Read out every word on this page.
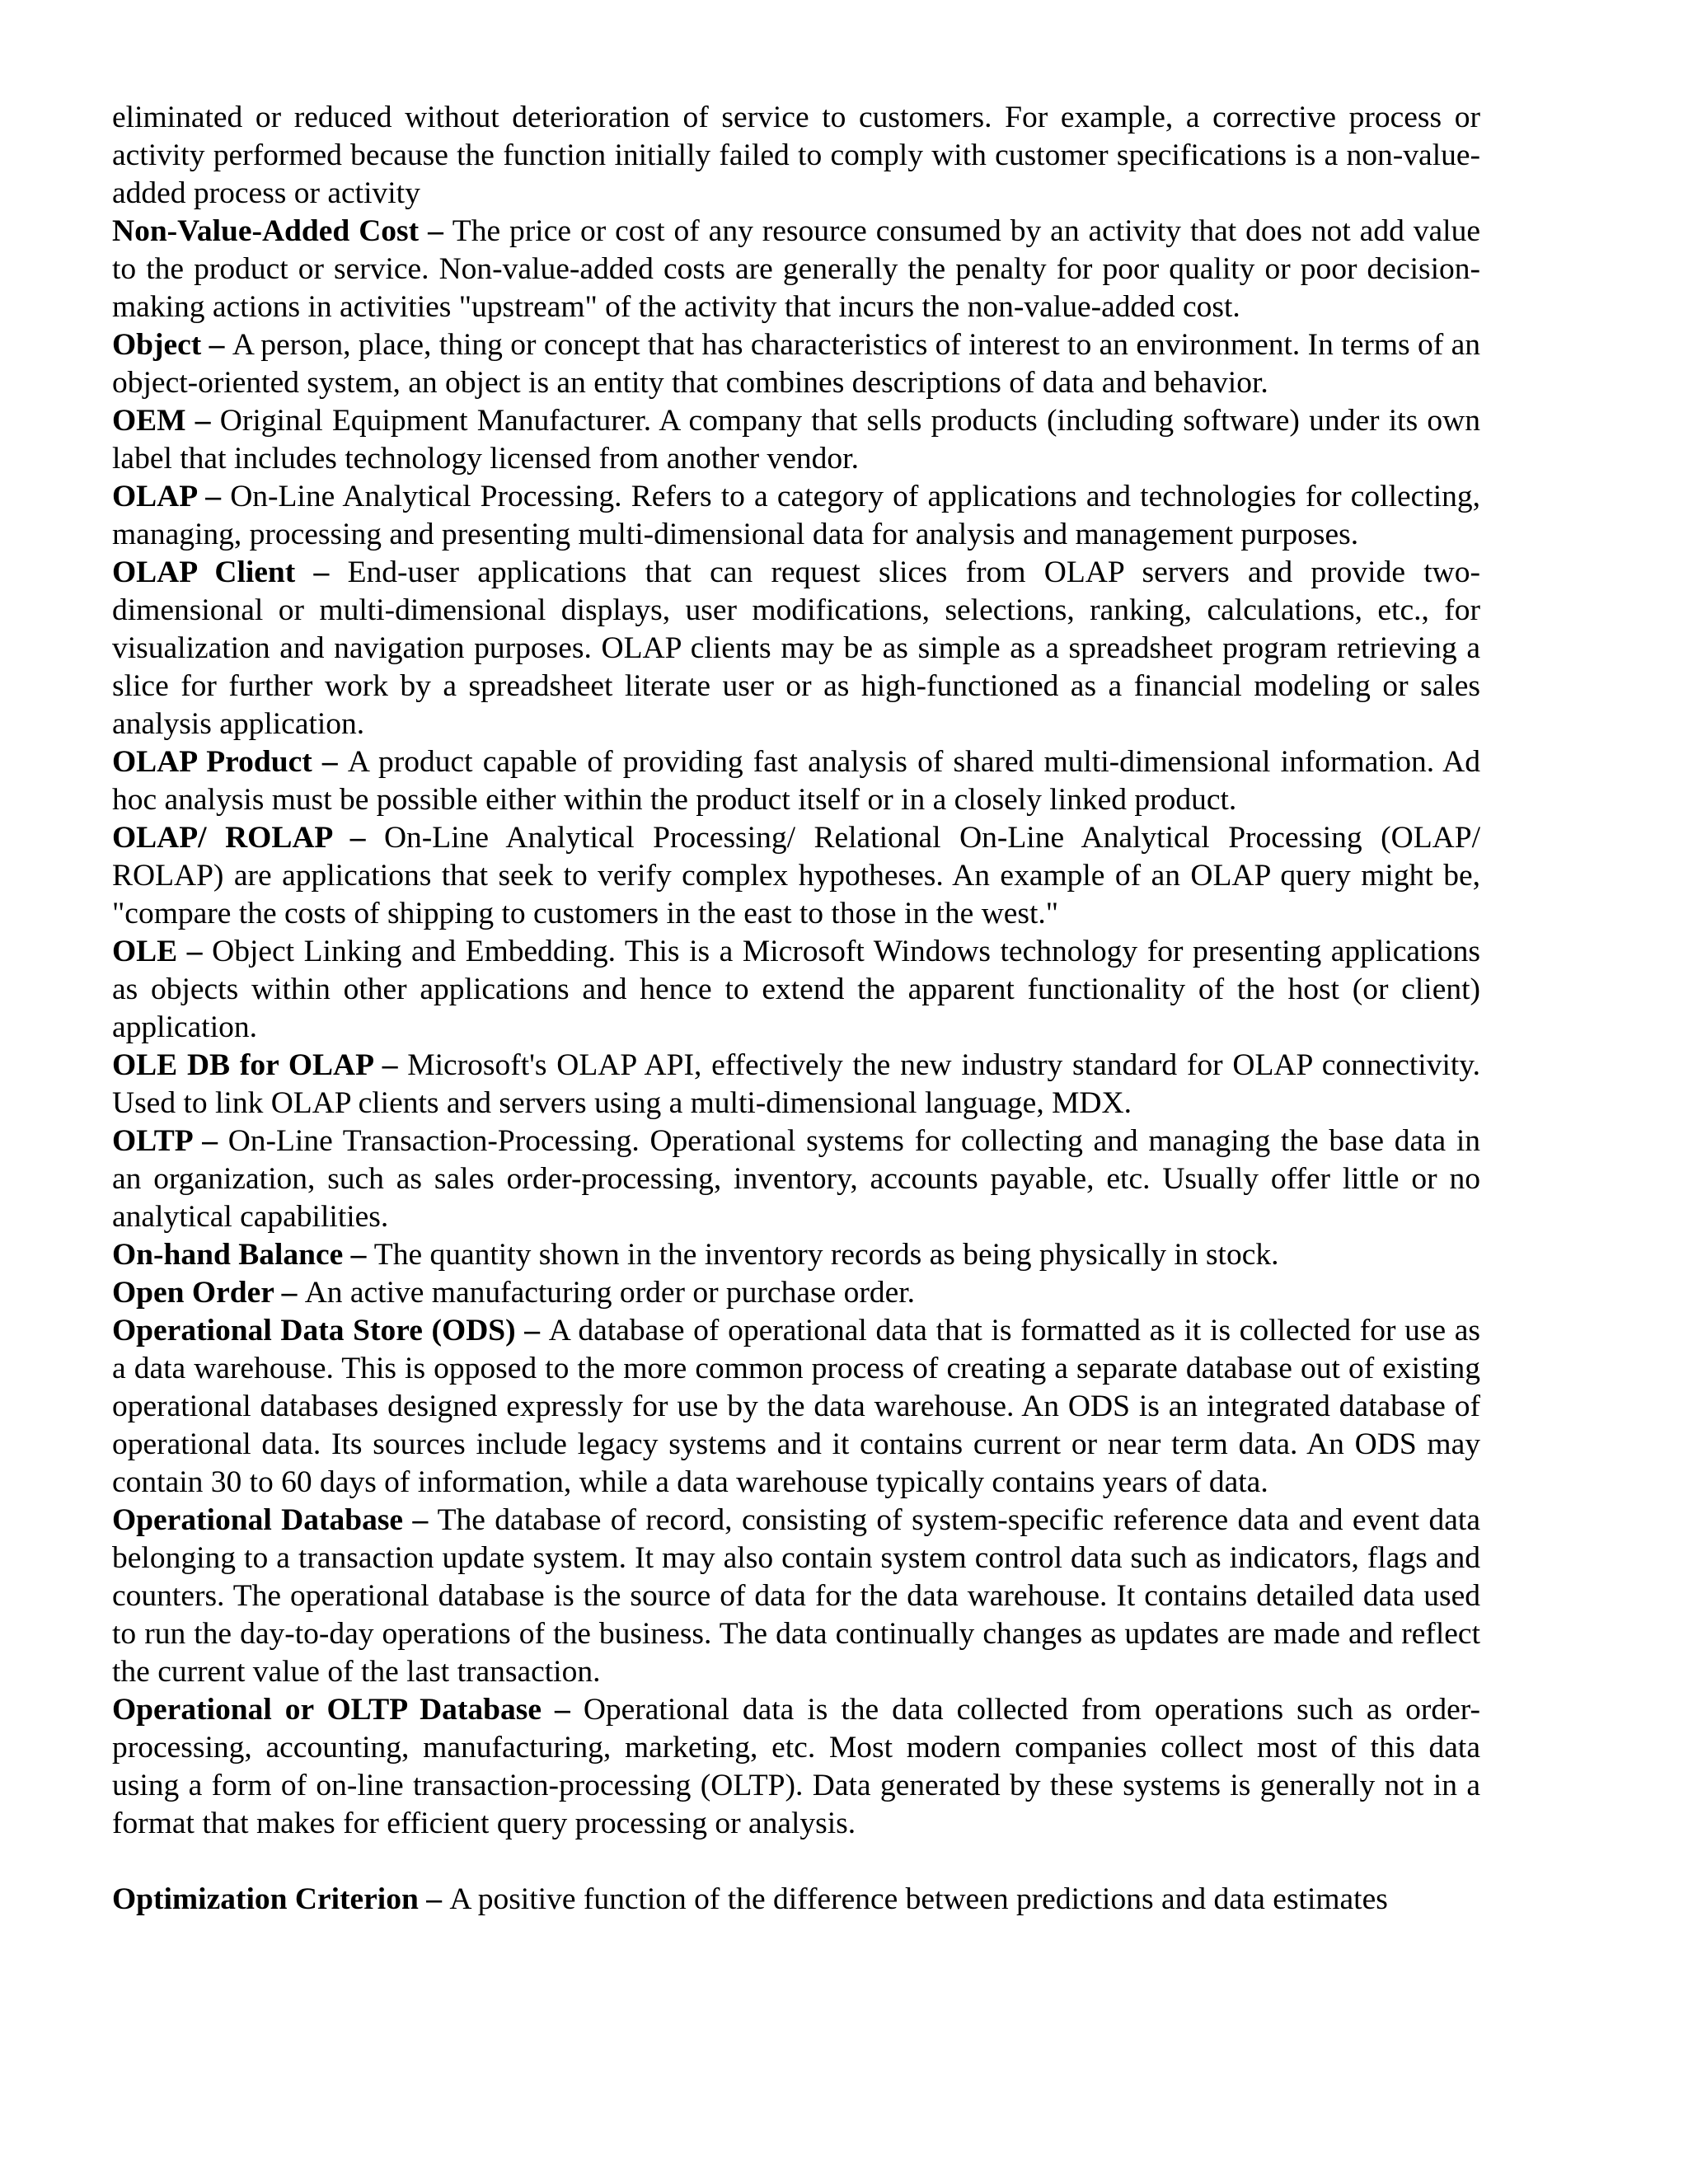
eliminated or reduced without deterioration of service to customers. For example, a corrective process or activity performed because the function initially failed to comply with customer specifications is a non-value-added process or activity

Non-Value-Added Cost – The price or cost of any resource consumed by an activity that does not add value to the product or service. Non-value-added costs are generally the penalty for poor quality or poor decision-making actions in activities "upstream" of the activity that incurs the non-value-added cost.

Object – A person, place, thing or concept that has characteristics of interest to an environment. In terms of an object-oriented system, an object is an entity that combines descriptions of data and behavior.

OEM – Original Equipment Manufacturer. A company that sells products (including software) under its own label that includes technology licensed from another vendor.

OLAP – On-Line Analytical Processing. Refers to a category of applications and technologies for collecting, managing, processing and presenting multi-dimensional data for analysis and management purposes.

OLAP Client – End-user applications that can request slices from OLAP servers and provide two-dimensional or multi-dimensional displays, user modifications, selections, ranking, calculations, etc., for visualization and navigation purposes. OLAP clients may be as simple as a spreadsheet program retrieving a slice for further work by a spreadsheet literate user or as high-functioned as a financial modeling or sales analysis application.

OLAP Product – A product capable of providing fast analysis of shared multi-dimensional information. Ad hoc analysis must be possible either within the product itself or in a closely linked product.

OLAP/ ROLAP – On-Line Analytical Processing/ Relational On-Line Analytical Processing (OLAP/ ROLAP) are applications that seek to verify complex hypotheses. An example of an OLAP query might be, "compare the costs of shipping to customers in the east to those in the west."

OLE – Object Linking and Embedding. This is a Microsoft Windows technology for presenting applications as objects within other applications and hence to extend the apparent functionality of the host (or client) application.

OLE DB for OLAP – Microsoft's OLAP API, effectively the new industry standard for OLAP connectivity. Used to link OLAP clients and servers using a multi-dimensional language, MDX.

OLTP – On-Line Transaction-Processing. Operational systems for collecting and managing the base data in an organization, such as sales order-processing, inventory, accounts payable, etc. Usually offer little or no analytical capabilities.

On-hand Balance – The quantity shown in the inventory records as being physically in stock.

Open Order – An active manufacturing order or purchase order.

Operational Data Store (ODS) – A database of operational data that is formatted as it is collected for use as a data warehouse. This is opposed to the more common process of creating a separate database out of existing operational databases designed expressly for use by the data warehouse. An ODS is an integrated database of operational data. Its sources include legacy systems and it contains current or near term data. An ODS may contain 30 to 60 days of information, while a data warehouse typically contains years of data.

Operational Database – The database of record, consisting of system-specific reference data and event data belonging to a transaction update system. It may also contain system control data such as indicators, flags and counters. The operational database is the source of data for the data warehouse. It contains detailed data used to run the day-to-day operations of the business. The data continually changes as updates are made and reflect the current value of the last transaction.

Operational or OLTP Database – Operational data is the data collected from operations such as order-processing, accounting, manufacturing, marketing, etc. Most modern companies collect most of this data using a form of on-line transaction-processing (OLTP). Data generated by these systems is generally not in a format that makes for efficient query processing or analysis.

Optimization Criterion – A positive function of the difference between predictions and data estimates
